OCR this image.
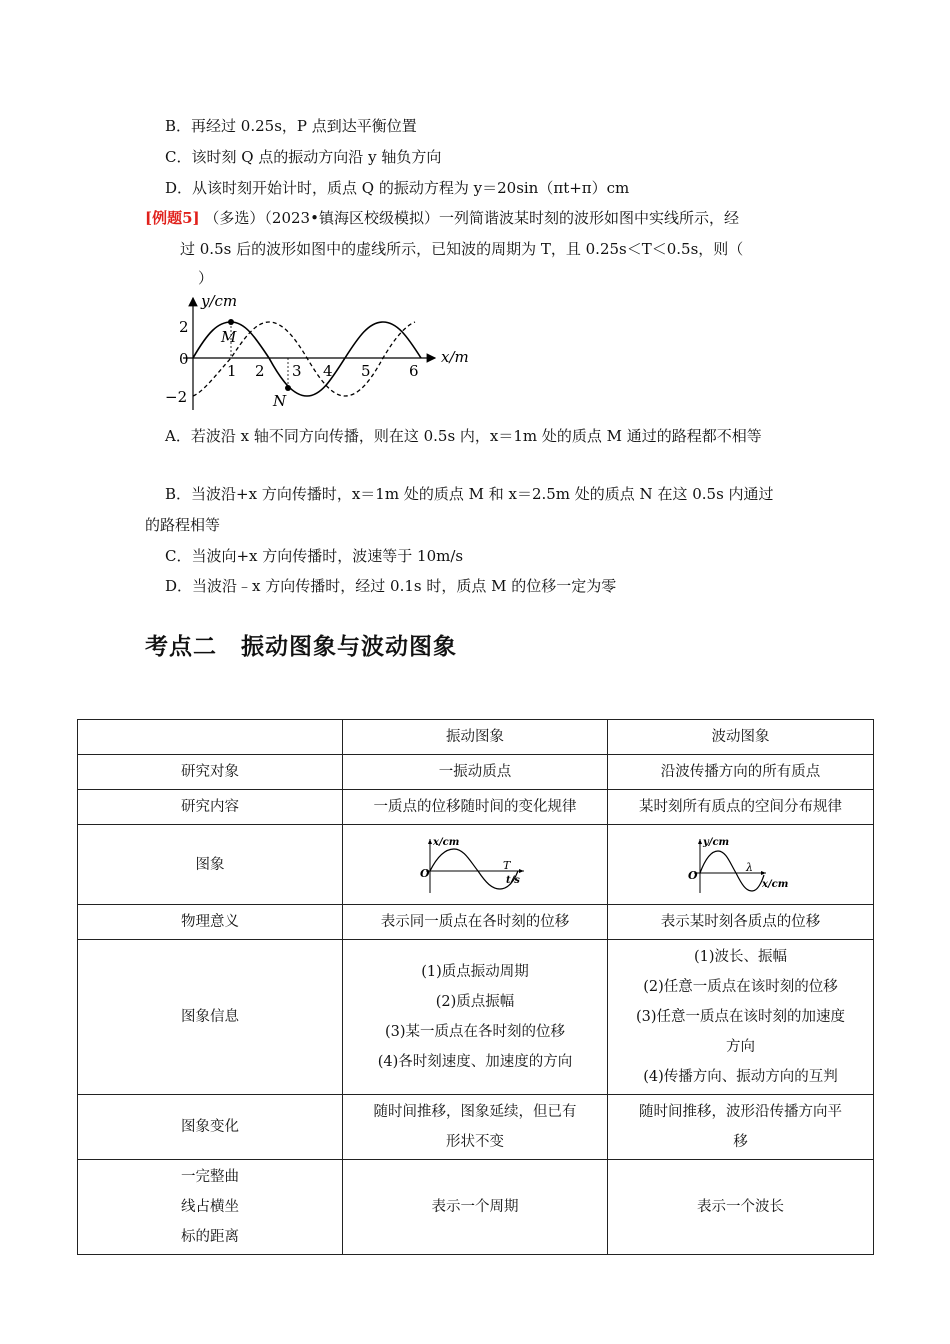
B．再经过 0.25s，P 点到达平衡位置
C．该时刻 Q 点的振动方向沿 y 轴负方向
D．从该时刻开始计时，质点 Q 的振动方程为 y＝20sin（πt+π）cm
[例题5] （多选）（2023•镇海区校级模拟）一列简谐波某时刻的波形如图中实线所示，经
过 0.5s 后的波形如图中的虚线所示，已知波的周期为 T，且 0.25s＜T＜0.5s，则（
）
y/cm
x/m
2
0
−2
1 2 3 4 5	6
M
N
A．若波沿 x 轴不同方向传播，则在这 0.5s 内，x＝1m 处的质点 M 通过的路程都不相等
B．当波沿+x 方向传播时，x＝1m 处的质点 M 和 x＝2.5m 处的质点 N 在这 0.5s 内通过
的路程相等
C．当波向+x 方向传播时，波速等于 10m/s
D．当波沿﹣x 方向传播时，经过 0.1s 时，质点 M 的位移一定为零
考点二　振动图象与波动图象
	振动图象	波动图象
研究对象	一振动质点	沿波传播方向的所有质点
研究内容	一质点的位移随时间的变化规律	某时刻所有质点的空间分布规律
图象	x/cm
O
T
t/s	y/cm
O
λ
x/cm

物理意义	表示同一质点在各时刻的位移	表示某时刻各质点的位移
图象信息	(1)质点振动周期
(2)质点振幅
(3)某一质点在各时刻的位移
(4)各时刻速度、加速度的方向	(1)波长、振幅
(2)任意一质点在该时刻的位移
(3)任意一质点在该时刻的加速度
方向
(4)传播方向、振动方向的互判

图象变化	随时间推移，图象延续，但已有
形状不变	随时间推移，波形沿传播方向平
移

一完整曲
线占横坐
标的距离	表示一个周期	表示一个波长
